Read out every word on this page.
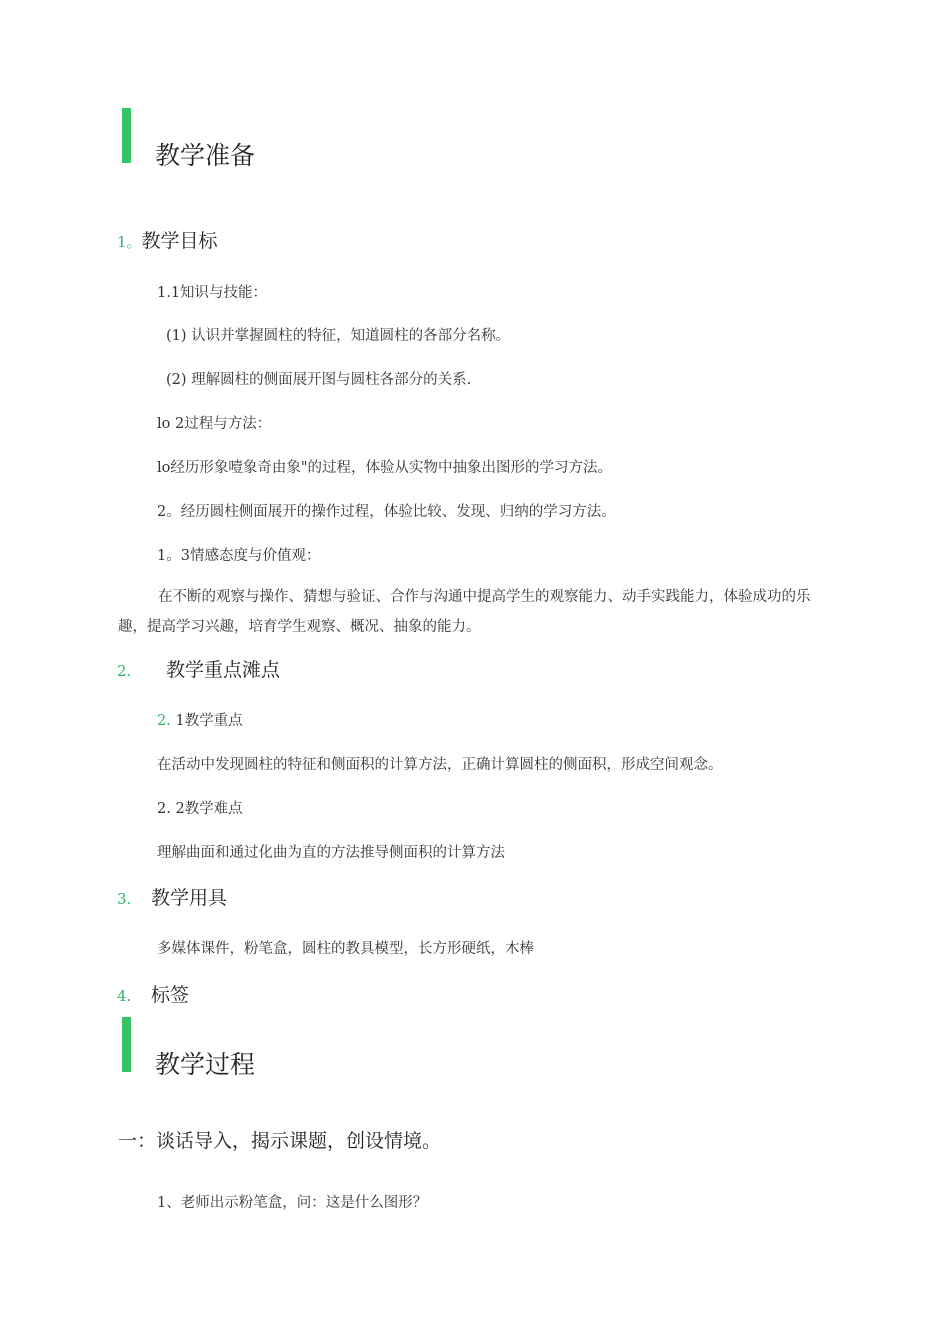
教学准备
1。教学目标
1.1知识与技能：
(1) 认识并掌握圆柱的特征，知道圆柱的各部分名称。
(2) 理解圆柱的侧面展开图与圆柱各部分的关系.
lo 2过程与方法：
lo经历形象噎象奇由象"的过程，体验从实物中抽象出图形的学习方法。
2。经历圆柱侧面展开的操作过程，体验比较、发现、归纳的学习方法。
1。3情感态度与价值观：
在不断的观察与操作、猜想与验证、合作与沟通中提高学生的观察能力、动手实践能力，体验成功的乐趣，提高学习兴趣，培育学生观察、概况、抽象的能力。
2. 教学重点滩点
2. 1教学重点
在活动中发现圆柱的特征和侧面积的计算方法，正确计算圆柱的侧面积，形成空间观念。
2. 2教学难点
理解曲面和通过化曲为直的方法推导侧面积的计算方法
3. 教学用具
多媒体课件，粉笔盒，圆柱的教具模型，长方形硬纸，木棒
4. 标签
教学过程
一：谈话导入，揭示课题，创设情境。
1、老师出示粉笔盒，问：这是什么图形？
